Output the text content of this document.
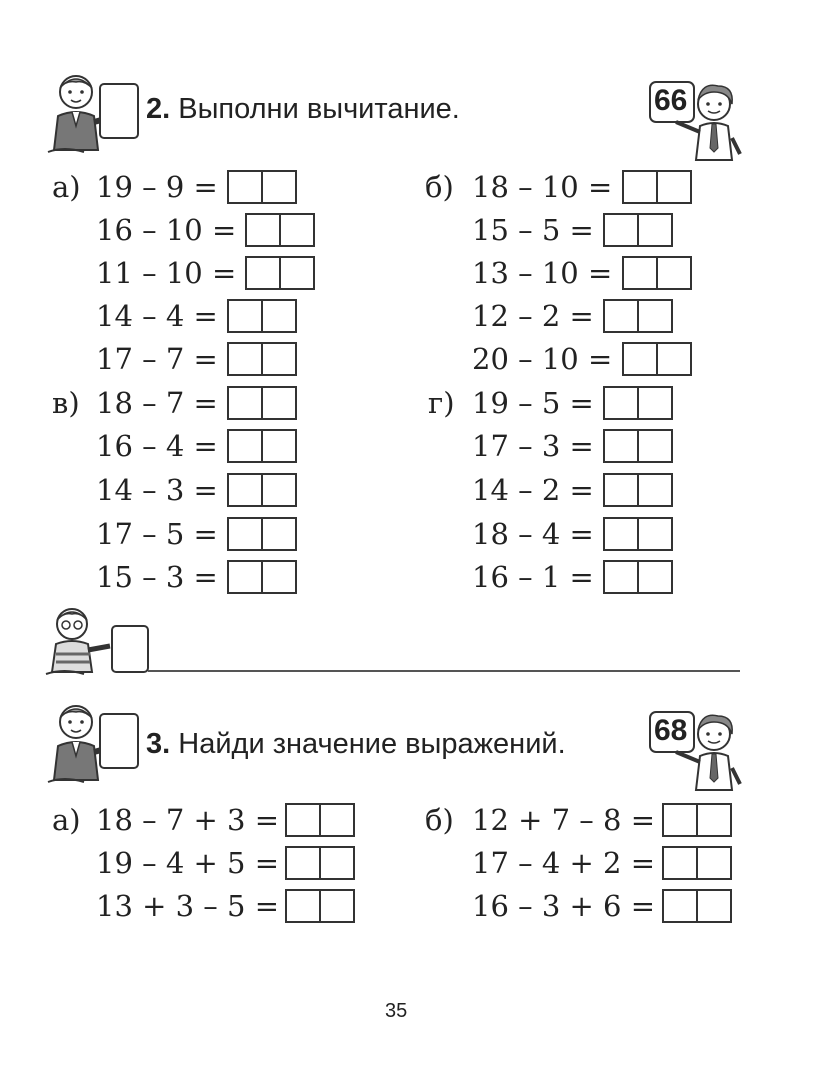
2. Выполни вычитание.	66
а) 19 – 9 =
16 – 10 =
11 – 10 =
14 – 4 =
17 – 7 =
б) 18 – 10 =
15 – 5 =
13 – 10 =
12 – 2 =
20 – 10 =
в) 18 – 7 =
16 – 4 =
14 – 3 =
17 – 5 =
15 – 3 =
г) 19 – 5 =
17 – 3 =
14 – 2 =
18 – 4 =
16 – 1 =
3. Найди значение выражений.	68
а) 18 – 7 + 3 =
19 – 4 + 5 =
13 + 3 – 5 =
б) 12 + 7 – 8 =
17 – 4 + 2 =
16 – 3 + 6 =
35
